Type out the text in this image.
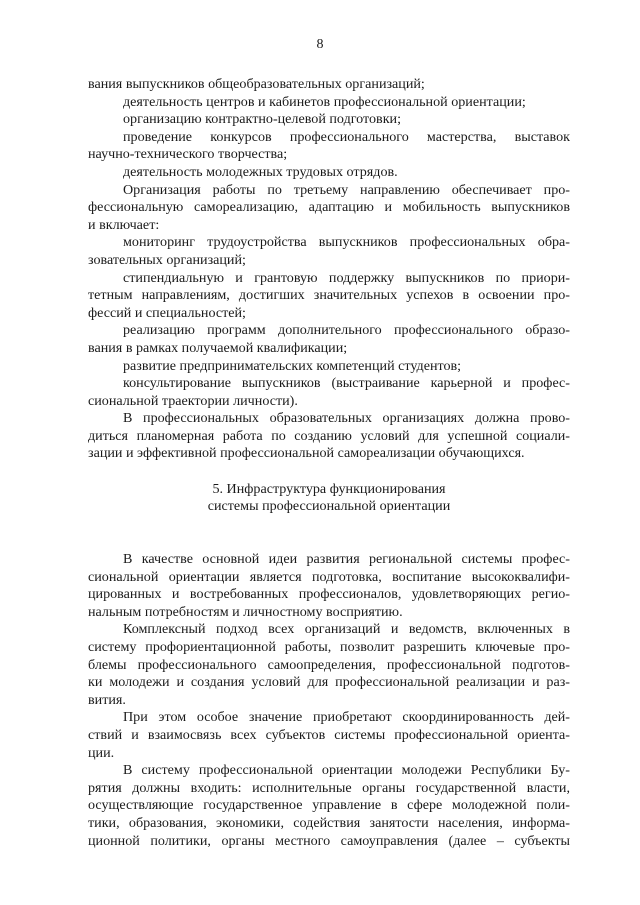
8
вания выпускников общеобразовательных организаций;
деятельность центров и кабинетов профессиональной ориентации;
организацию контрактно-целевой подготовки;
проведение конкурсов профессионального мастерства, выставок
научно-технического творчества;
деятельность молодежных трудовых отрядов.
Организация работы по третьему направлению обеспечивает про-
фессиональную самореализацию, адаптацию и мобильность выпускников
и включает:
мониторинг трудоустройства выпускников профессиональных обра-
зовательных организаций;
стипендиальную и грантовую поддержку выпускников по приори-
тетным направлениям, достигших значительных успехов в освоении про-
фессий и специальностей;
реализацию программ дополнительного профессионального образо-
вания в рамках получаемой квалификации;
развитие предпринимательских компетенций студентов;
консультирование выпускников (выстраивание карьерной и профес-
сиональной траектории личности).
В профессиональных образовательных организациях должна прово-
диться планомерная работа по созданию условий для успешной социали-
зации и эффективной профессиональной самореализации обучающихся.
5. Инфраструктура функционирования
системы профессиональной ориентации
В качестве основной идеи развития региональной системы профес-
сиональной ориентации является подготовка, воспитание высококвалифи-
цированных и востребованных профессионалов, удовлетворяющих регио-
нальным потребностям и личностному восприятию.
Комплексный подход всех организаций и ведомств, включенных в
систему профориентационной работы, позволит разрешить ключевые про-
блемы профессионального самоопределения, профессиональной подготов-
ки молодежи и создания условий для профессиональной реализации и раз-
вития.
При этом особое значение приобретают скоординированность дей-
ствий и взаимосвязь всех субъектов системы профессиональной ориента-
ции.
В систему профессиональной ориентации молодежи Республики Бу-
рятия должны входить: исполнительные органы государственной власти,
осуществляющие государственное управление в сфере молодежной поли-
тики, образования, экономики, содействия занятости населения, информа-
ционной политики, органы местного самоуправления (далее – субъекты
